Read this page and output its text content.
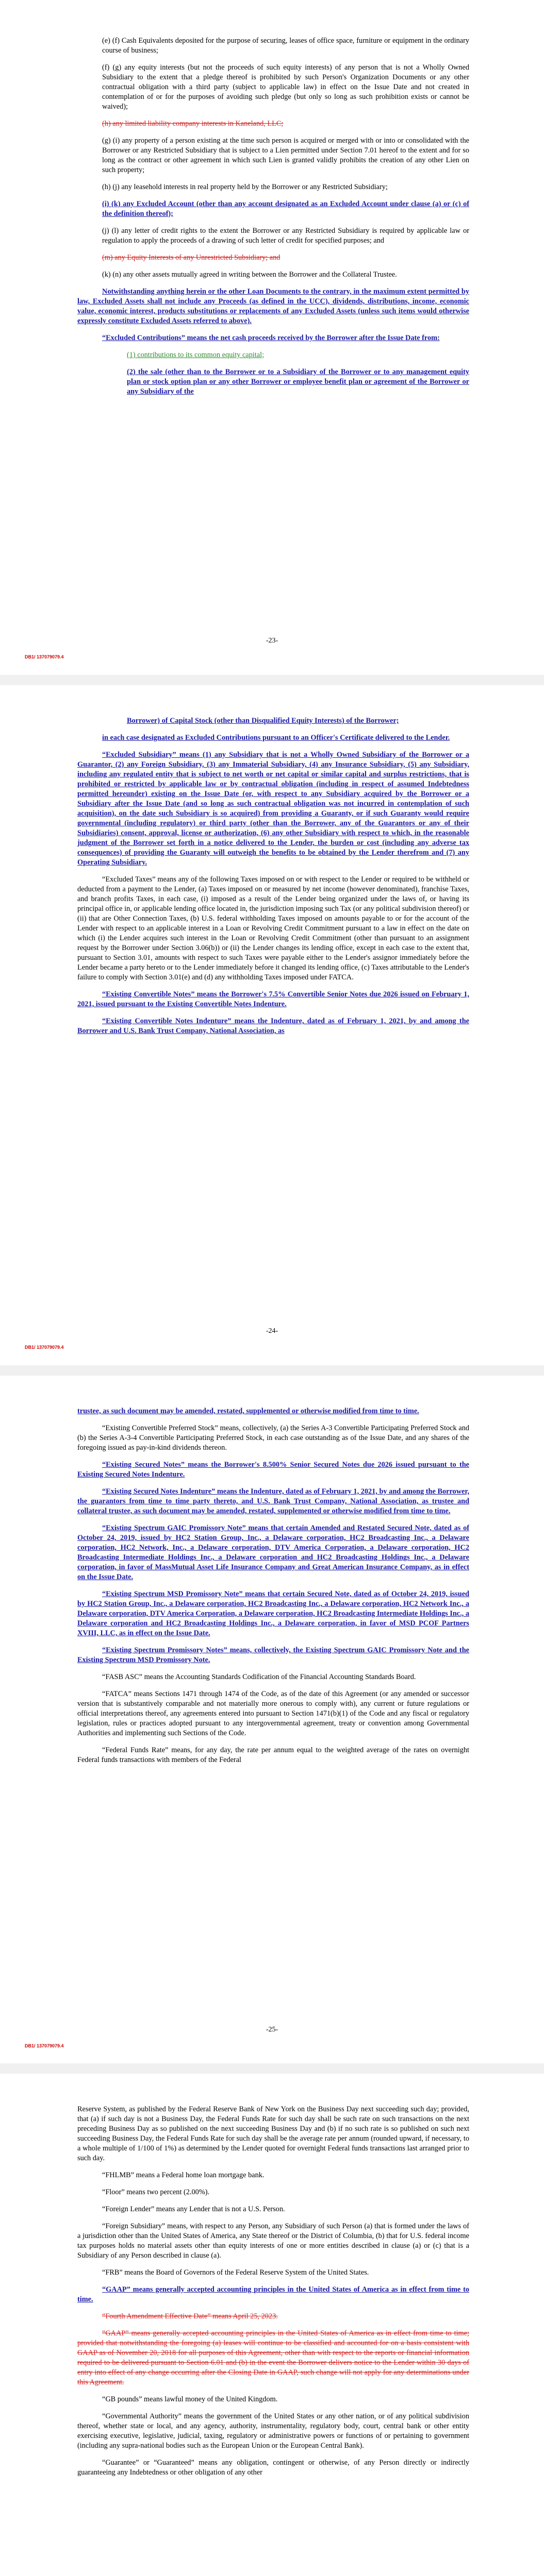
(e) (f) Cash Equivalents deposited for the purpose of securing, leases of office space, furniture or equipment in the ordinary course of business;

(f) (g) any equity interests (but not the proceeds of such equity interests) of any person that is not a Wholly Owned Subsidiary to the extent that a pledge thereof is prohibited by such Person's Organization Documents or any other contractual obligation with a third party (subject to applicable law) in effect on the Issue Date and not created in contemplation of or for the purposes of avoiding such pledge (but only so long as such prohibition exists or cannot be waived);

(h) any limited liability company interests in Kaneland, LLC;

(g) (i) any property of a person existing at the time such person is acquired or merged with or into or consolidated with the Borrower or any Restricted Subsidiary that is subject to a Lien permitted under Section 7.01 hereof to the extent and for so long as the contract or other agreement in which such Lien is granted validly prohibits the creation of any other Lien on such property;

(h) (j) any leasehold interests in real property held by the Borrower or any Restricted Subsidiary;

(i) (k) any Excluded Account (other than any account designated as an Excluded Account under clause (a) or (c) of the definition thereof);

(j) (l) any letter of credit rights to the extent the Borrower or any Restricted Subsidiary is required by applicable law or regulation to apply the proceeds of a drawing of such letter of credit for specified purposes; and

(m) any Equity Interests of any Unrestricted Subsidiary; and

(k) (n) any other assets mutually agreed in writing between the Borrower and the Collateral Trustee.

Notwithstanding anything herein or the other Loan Documents to the contrary, in the maximum extent permitted by law, Excluded Assets shall not include any Proceeds (as defined in the UCC), dividends, distributions, income, economic value, economic interest, products substitutions or replacements of any Excluded Assets (unless such items would otherwise expressly constitute Excluded Assets referred to above).

“Excluded Contributions” means the net cash proceeds received by the Borrower after the Issue Date from:

(1) contributions to its common equity capital;

(2) the sale (other than to the Borrower or to a Subsidiary of the Borrower or to any management equity plan or stock option plan or any other Borrower or employee benefit plan or agreement of the Borrower or any Subsidiary of the

-23-
DB1/ 137079079.4

Borrower) of Capital Stock (other than Disqualified Equity Interests) of the Borrower;

in each case designated as Excluded Contributions pursuant to an Officer's Certificate delivered to the Lender.

“Excluded Subsidiary” means (1) any Subsidiary that is not a Wholly Owned Subsidiary of the Borrower or a Guarantor, (2) any Foreign Subsidiary, (3) any Immaterial Subsidiary, (4) any Insurance Subsidiary, (5) any Subsidiary, including any regulated entity that is subject to net worth or net capital or similar capital and surplus restrictions, that is prohibited or restricted by applicable law or by contractual obligation (including in respect of assumed Indebtedness permitted hereunder) existing on the Issue Date (or, with respect to any Subsidiary acquired by the Borrower or a Subsidiary after the Issue Date (and so long as such contractual obligation was not incurred in contemplation of such acquisition), on the date such Subsidiary is so acquired) from providing a Guaranty, or if such Guaranty would require governmental (including regulatory) or third party (other than the Borrower, any of the Guarantors or any of their Subsidiaries) consent, approval, license or authorization, (6) any other Subsidiary with respect to which, in the reasonable judgment of the Borrower set forth in a notice delivered to the Lender, the burden or cost (including any adverse tax consequences) of providing the Guaranty will outweigh the benefits to be obtained by the Lender therefrom and (7) any Operating Subsidiary.

“Excluded Taxes” means any of the following Taxes imposed on or with respect to the Lender or required to be withheld or deducted from a payment to the Lender, (a) Taxes imposed on or measured by net income (however denominated), franchise Taxes, and branch profits Taxes, in each case, (i) imposed as a result of the Lender being organized under the laws of, or having its principal office in, or applicable lending office located in, the jurisdiction imposing such Tax (or any political subdivision thereof) or (ii) that are Other Connection Taxes, (b) U.S. federal withholding Taxes imposed on amounts payable to or for the account of the Lender with respect to an applicable interest in a Loan or Revolving Credit Commitment pursuant to a law in effect on the date on which (i) the Lender acquires such interest in the Loan or Revolving Credit Commitment (other than pursuant to an assignment request by the Borrower under Section 3.06(b)) or (ii) the Lender changes its lending office, except in each case to the extent that, pursuant to Section 3.01, amounts with respect to such Taxes were payable either to the Lender's assignor immediately before the Lender became a party hereto or to the Lender immediately before it changed its lending office, (c) Taxes attributable to the Lender's failure to comply with Section 3.01(e) and (d) any withholding Taxes imposed under FATCA.

“Existing Convertible Notes” means the Borrower's 7.5% Convertible Senior Notes due 2026 issued on February 1, 2021, issued pursuant to the Existing Convertible Notes Indenture.

“Existing Convertible Notes Indenture” means the Indenture, dated as of February 1, 2021, by and among the Borrower and U.S. Bank Trust Company, National Association, as

-24-
DB1/ 137079079.4

trustee, as such document may be amended, restated, supplemented or otherwise modified from time to time.

“Existing Convertible Preferred Stock” means, collectively, (a) the Series A-3 Convertible Participating Preferred Stock and (b) the Series A-3-4 Convertible Participating Preferred Stock, in each case outstanding as of the Issue Date, and any shares of the foregoing issued as pay-in-kind dividends thereon.

“Existing Secured Notes” means the Borrower's 8.500% Senior Secured Notes due 2026 issued pursuant to the Existing Secured Notes Indenture.

“Existing Secured Notes Indenture” means the Indenture, dated as of February 1, 2021, by and among the Borrower, the guarantors from time to time party thereto, and U.S. Bank Trust Company, National Association, as trustee and collateral trustee, as such document may be amended, restated, supplemented or otherwise modified from time to time.

“Existing Spectrum GAIC Promissory Note” means that certain Amended and Restated Secured Note, dated as of October 24, 2019, issued by HC2 Station Group, Inc., a Delaware corporation, HC2 Broadcasting Inc., a Delaware corporation, HC2 Network, Inc., a Delaware corporation, DTV America Corporation, a Delaware corporation, HC2 Broadcasting Intermediate Holdings Inc., a Delaware corporation and HC2 Broadcasting Holdings Inc., a Delaware corporation, in favor of MassMutual Asset Life Insurance Company and Great American Insurance Company, as in effect on the Issue Date.

“Existing Spectrum MSD Promissory Note” means that certain Secured Note, dated as of October 24, 2019, issued by HC2 Station Group, Inc., a Delaware corporation, HC2 Broadcasting Inc., a Delaware corporation, HC2 Network Inc., a Delaware corporation, DTV America Corporation, a Delaware corporation, HC2 Broadcasting Intermediate Holdings Inc., a Delaware corporation and HC2 Broadcasting Holdings Inc., a Delaware corporation, in favor of MSD PCOF Partners XVIII, LLC, as in effect on the Issue Date.

“Existing Spectrum Promissory Notes” means, collectively, the Existing Spectrum GAIC Promissory Note and the Existing Spectrum MSD Promissory Note.

“FASB ASC” means the Accounting Standards Codification of the Financial Accounting Standards Board.

“FATCA” means Sections 1471 through 1474 of the Code, as of the date of this Agreement (or any amended or successor version that is substantively comparable and not materially more onerous to comply with), any current or future regulations or official interpretations thereof, any agreements entered into pursuant to Section 1471(b)(1) of the Code and any fiscal or regulatory legislation, rules or practices adopted pursuant to any intergovernmental agreement, treaty or convention among Governmental Authorities and implementing such Sections of the Code.

“Federal Funds Rate” means, for any day, the rate per annum equal to the weighted average of the rates on overnight Federal funds transactions with members of the Federal

-25-
DB1/ 137079079.4

Reserve System, as published by the Federal Reserve Bank of New York on the Business Day next succeeding such day; provided, that (a) if such day is not a Business Day, the Federal Funds Rate for such day shall be such rate on such transactions on the next preceding Business Day as so published on the next succeeding Business Day and (b) if no such rate is so published on such next succeeding Business Day, the Federal Funds Rate for such day shall be the average rate per annum (rounded upward, if necessary, to a whole multiple of 1/100 of 1%) as determined by the Lender quoted for overnight Federal funds transactions last arranged prior to such day.

“FHLMB” means a Federal home loan mortgage bank.

“Floor” means two percent (2.00%).

“Foreign Lender” means any Lender that is not a U.S. Person.

“Foreign Subsidiary” means, with respect to any Person, any Subsidiary of such Person (a) that is formed under the laws of a jurisdiction other than the United States of America, any State thereof or the District of Columbia, (b) that for U.S. federal income tax purposes holds no material assets other than equity interests of one or more entities described in clause (a) or (c) that is a Subsidiary of any Person described in clause (a).

“FRB” means the Board of Governors of the Federal Reserve System of the United States.

“GAAP” means generally accepted accounting principles in the United States of America as in effect from time to time.

“Fourth Amendment Effective Date” means April 25, 2023.

“GAAP” means generally accepted accounting principles in the United States of America as in effect from time to time; provided that notwithstanding the foregoing (a) leases will continue to be classified and accounted for on a basis consistent with GAAP as of November 20, 2018 for all purposes of this Agreement, other than with respect to the reports or financial information required to be delivered pursuant to Section 6.01 and (b) in the event the Borrower delivers notice to the Lender within 30 days of entry into effect of any change occurring after the Closing Date in GAAP, such change will not apply for any determinations under this Agreement.

“GB pounds” means lawful money of the United Kingdom.

“Governmental Authority” means the government of the United States or any other nation, or of any political subdivision thereof, whether state or local, and any agency, authority, instrumentality, regulatory body, court, central bank or other entity exercising executive, legislative, judicial, taxing, regulatory or administrative powers or functions of or pertaining to government (including any supra-national bodies such as the European Union or the European Central Bank).

“Guarantee” or “Guaranteed” means any obligation, contingent or otherwise, of any Person directly or indirectly guaranteeing any Indebtedness or other obligation of any other
